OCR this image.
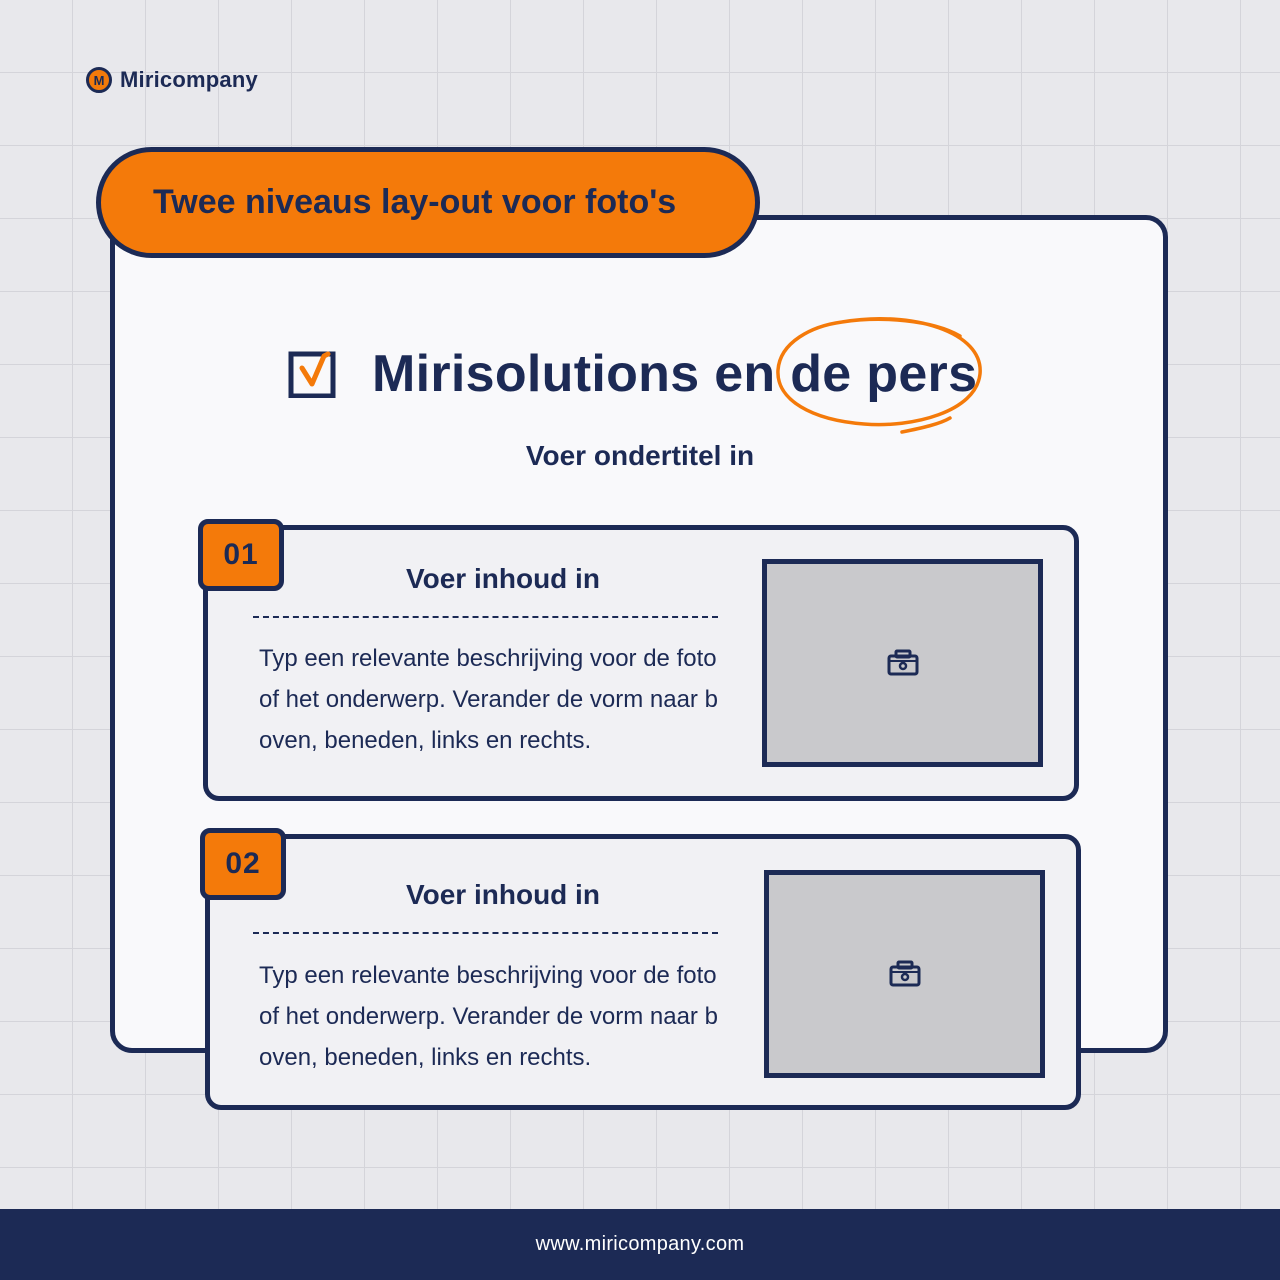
M Miricompany
Twee niveaus lay-out voor foto's
Mirisolutions en de pers
Voer ondertitel in
01
Voer inhoud in
Typ een relevante beschrijving voor de foto of het onderwerp. Verander de vorm naar boven, beneden, links en rechts.
02
Voer inhoud in
Typ een relevante beschrijving voor de foto of het onderwerp. Verander de vorm naar boven, beneden, links en rechts.
www.miricompany.com
